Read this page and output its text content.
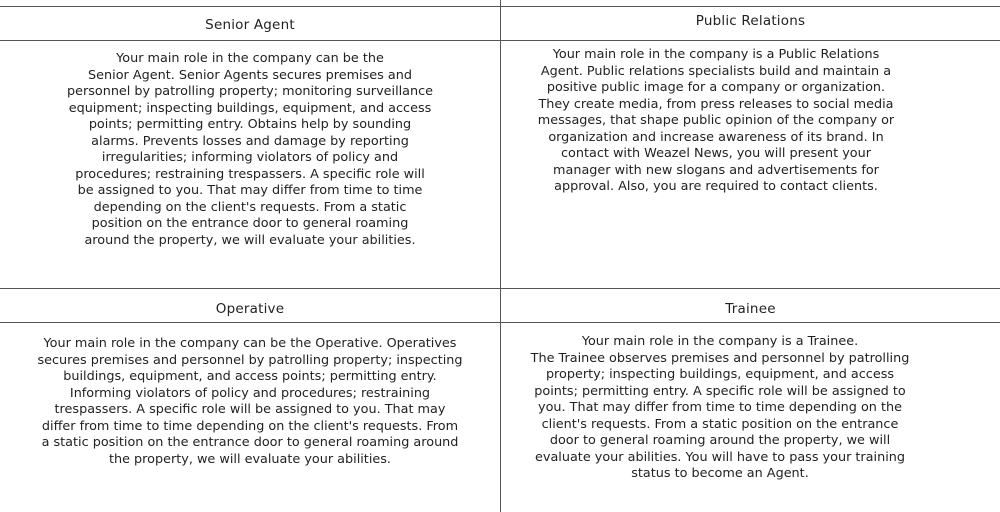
Senior Agent
Your main role in the company can be the
Senior Agent. Senior Agents secures premises and
personnel by patrolling property; monitoring surveillance
equipment; inspecting buildings, equipment, and access
points; permitting entry. Obtains help by sounding
alarms. Prevents losses and damage by reporting
irregularities; informing violators of policy and
procedures; restraining trespassers. A specific role will
be assigned to you. That may differ from time to time
depending on the client's requests. From a static
position on the entrance door to general roaming
around the property, we will evaluate your abilities.
Public Relations
Your main role in the company is a Public Relations
Agent. Public relations specialists build and maintain a
positive public image for a company or organization.
They create media, from press releases to social media
messages, that shape public opinion of the company or
organization and increase awareness of its brand. In
contact with Weazel News, you will present your
manager with new slogans and advertisements for
approval. Also, you are required to contact clients.
Operative
Your main role in the company can be the Operative. Operatives
secures premises and personnel by patrolling property; inspecting
buildings, equipment, and access points; permitting entry.
Informing violators of policy and procedures; restraining
trespassers. A specific role will be assigned to you. That may
differ from time to time depending on the client's requests. From
a static position on the entrance door to general roaming around
the property, we will evaluate your abilities.
Trainee
Your main role in the company is a Trainee.
The Trainee observes premises and personnel by patrolling
property; inspecting buildings, equipment, and access
points; permitting entry. A specific role will be assigned to
you. That may differ from time to time depending on the
client's requests. From a static position on the entrance
door to general roaming around the property, we will
evaluate your abilities. You will have to pass your training
status to become an Agent.
